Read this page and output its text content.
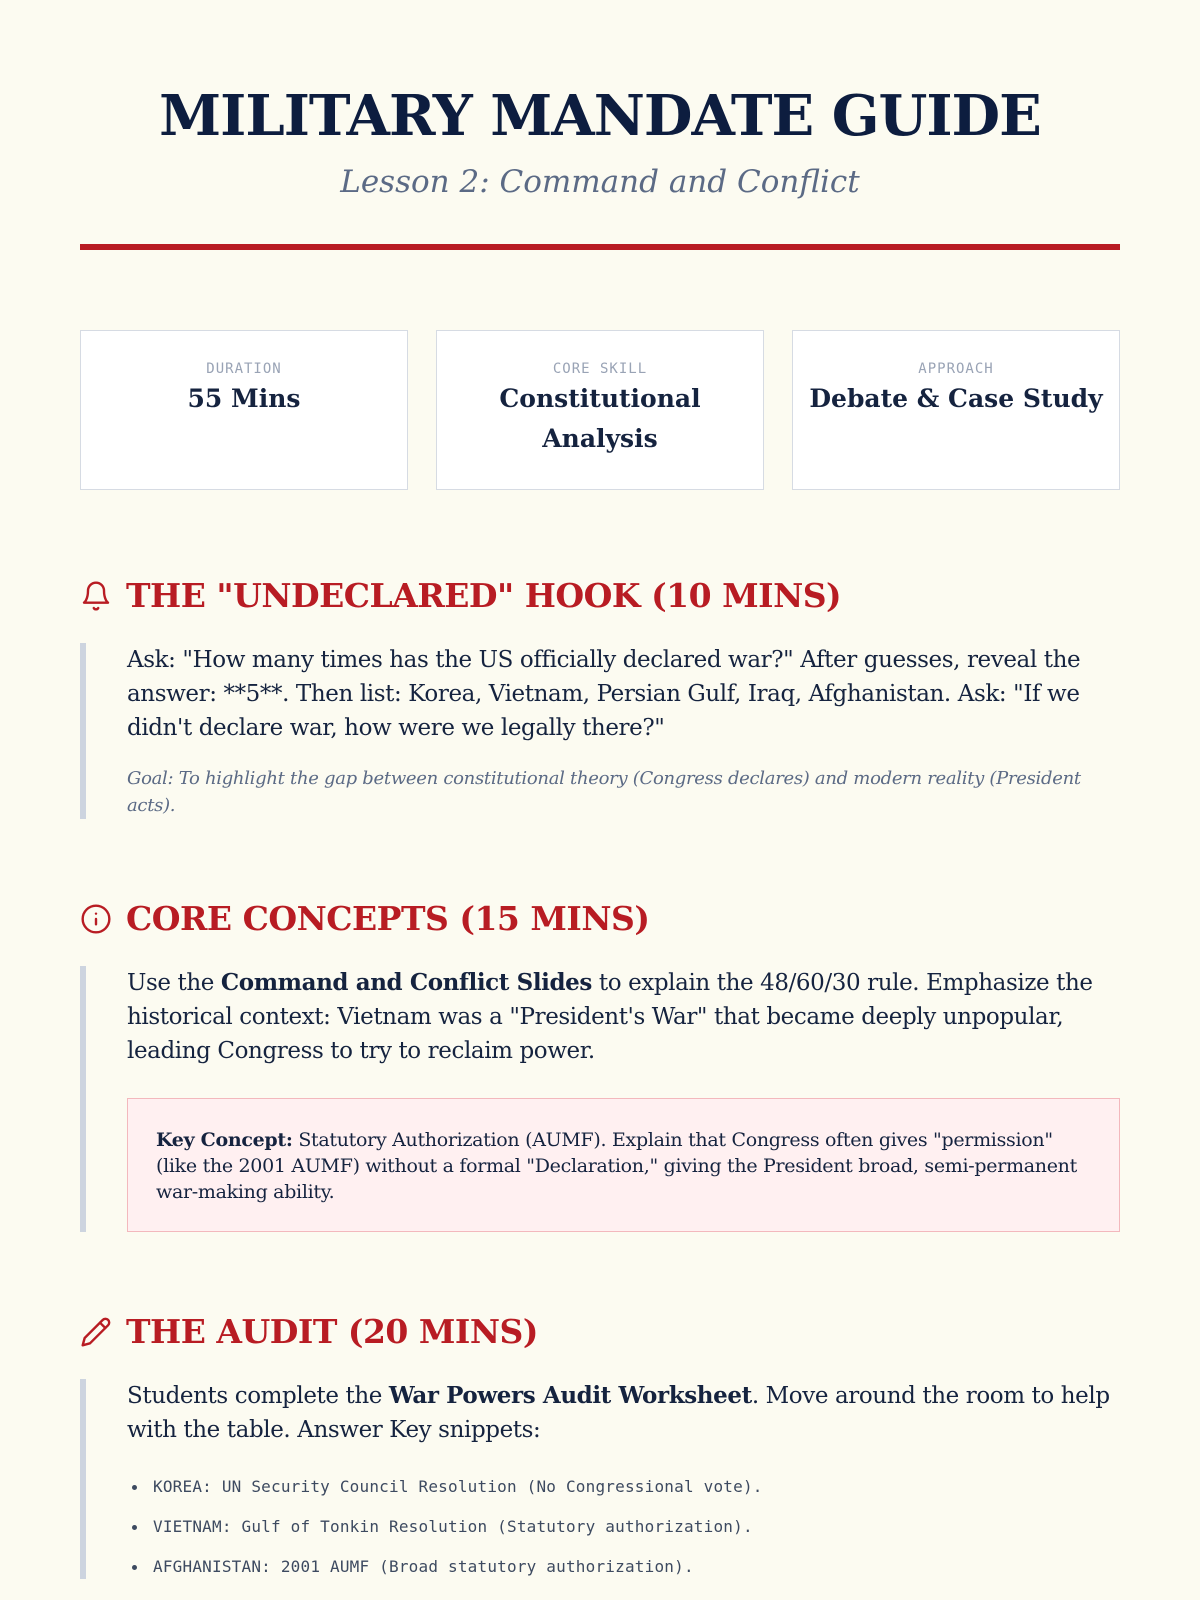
MILITARY MANDATE GUIDE
Lesson 2: Command and Conflict
DURATION
55 Mins
CORE SKILL
Constitutional Analysis
APPROACH
Debate & Case Study
THE "UNDECLARED" HOOK (10 MINS)

Ask: "How many times has the US officially declared war?" After guesses, reveal the answer: **5**. Then list: Korea, Vietnam, Persian Gulf, Iraq, Afghanistan. Ask: "If we didn't declare war, how were we legally there?"

Goal: To highlight the gap between constitutional theory (Congress declares) and modern reality (President acts).

CORE CONCEPTS (15 MINS)

Use the Command and Conflict Slides to explain the 48/60/30 rule. Emphasize the historical context: Vietnam was a "President's War" that became deeply unpopular, leading Congress to try to reclaim power.

Key Concept: Statutory Authorization (AUMF). Explain that Congress often gives "permission" (like the 2001 AUMF) without a formal "Declaration," giving the President broad, semi-permanent war-making ability.
THE AUDIT (20 MINS)

Students complete the War Powers Audit Worksheet. Move around the room to help with the table. Answer Key snippets:

KOREA: UN Security Council Resolution (No Congressional vote).
VIETNAM: Gulf of Tonkin Resolution (Statutory authorization).
AFGHANISTAN: 2001 AUMF (Broad statutory authorization).
